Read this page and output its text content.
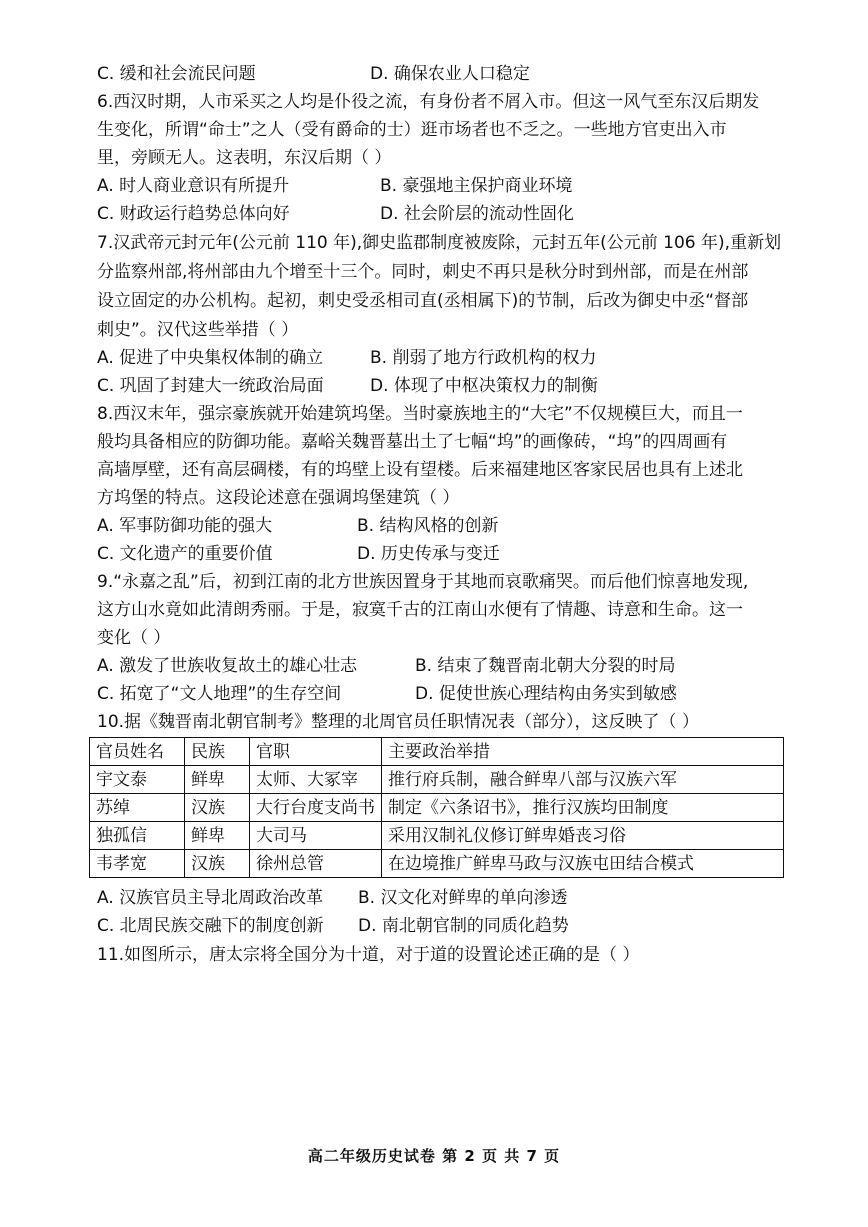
C. 缓和社会流民问题	D. 确保农业人口稳定
6.西汉时期，人市采买之人均是仆役之流，有身份者不屑入市。但这一风气至东汉后期发
生变化，所谓“命士”之人（受有爵命的士）逛市场者也不乏之。一些地方官吏出入市
里，旁顾无人。这表明，东汉后期（ ）
A. 时人商业意识有所提升	B. 豪强地主保护商业环境
C. 财政运行趋势总体向好	D. 社会阶层的流动性固化
7.汉武帝元封元年(公元前 110 年),御史监郡制度被废除，元封五年(公元前 106 年),重新划
分监察州部,将州部由九个增至十三个。同时，刺史不再只是秋分时到州部，而是在州部
设立固定的办公机构。起初，刺史受丞相司直(丞相属下)的节制，后改为御史中丞“督部
刺史”。汉代这些举措（ ）
A. 促进了中央集权体制的确立	B. 削弱了地方行政机构的权力
C. 巩固了封建大一统政治局面	D. 体现了中枢决策权力的制衡
8.西汉末年，强宗豪族就开始建筑坞堡。当时豪族地主的“大宅”不仅规模巨大，而且一
般均具备相应的防御功能。嘉峪关魏晋墓出土了七幅“坞”的画像砖，“坞”的四周画有
高墙厚壁，还有高层碉楼，有的坞壁上设有望楼。后来福建地区客家民居也具有上述北
方坞堡的特点。这段论述意在强调坞堡建筑（ ）
A. 军事防御功能的强大	B. 结构风格的创新
C. 文化遗产的重要价值	D. 历史传承与变迁
9.“永嘉之乱”后，初到江南的北方世族因置身于其地而哀歌痛哭。而后他们惊喜地发现,
这方山水竟如此清朗秀丽。于是，寂寞千古的江南山水便有了情趣、诗意和生命。这一
变化（ ）
A. 激发了世族收复故土的雄心壮志	B. 结束了魏晋南北朝大分裂的时局
C. 拓宽了“文人地理”的生存空间	D. 促使世族心理结构由务实到敏感
10.据《魏晋南北朝官制考》整理的北周官员任职情况表（部分），这反映了（ ）
官员姓名	民族	官职	主要政治举措
宇文泰	鲜卑	太师、大冢宰	推行府兵制，融合鲜卑八部与汉族六军
苏绰	汉族	大行台度支尚书	制定《六条诏书》，推行汉族均田制度
独孤信	鲜卑	大司马	采用汉制礼仪修订鲜卑婚丧习俗
韦孝宽	汉族	徐州总管	在边境推广鲜卑马政与汉族屯田结合模式
A. 汉族官员主导北周政治改革 B. 汉文化对鲜卑的单向渗透
C. 北周民族交融下的制度创新 D. 南北朝官制的同质化趋势
11.如图所示，唐太宗将全国分为十道，对于道的设置论述正确的是（ ）
高二年级历史试卷 第 2 页 共 7 页
